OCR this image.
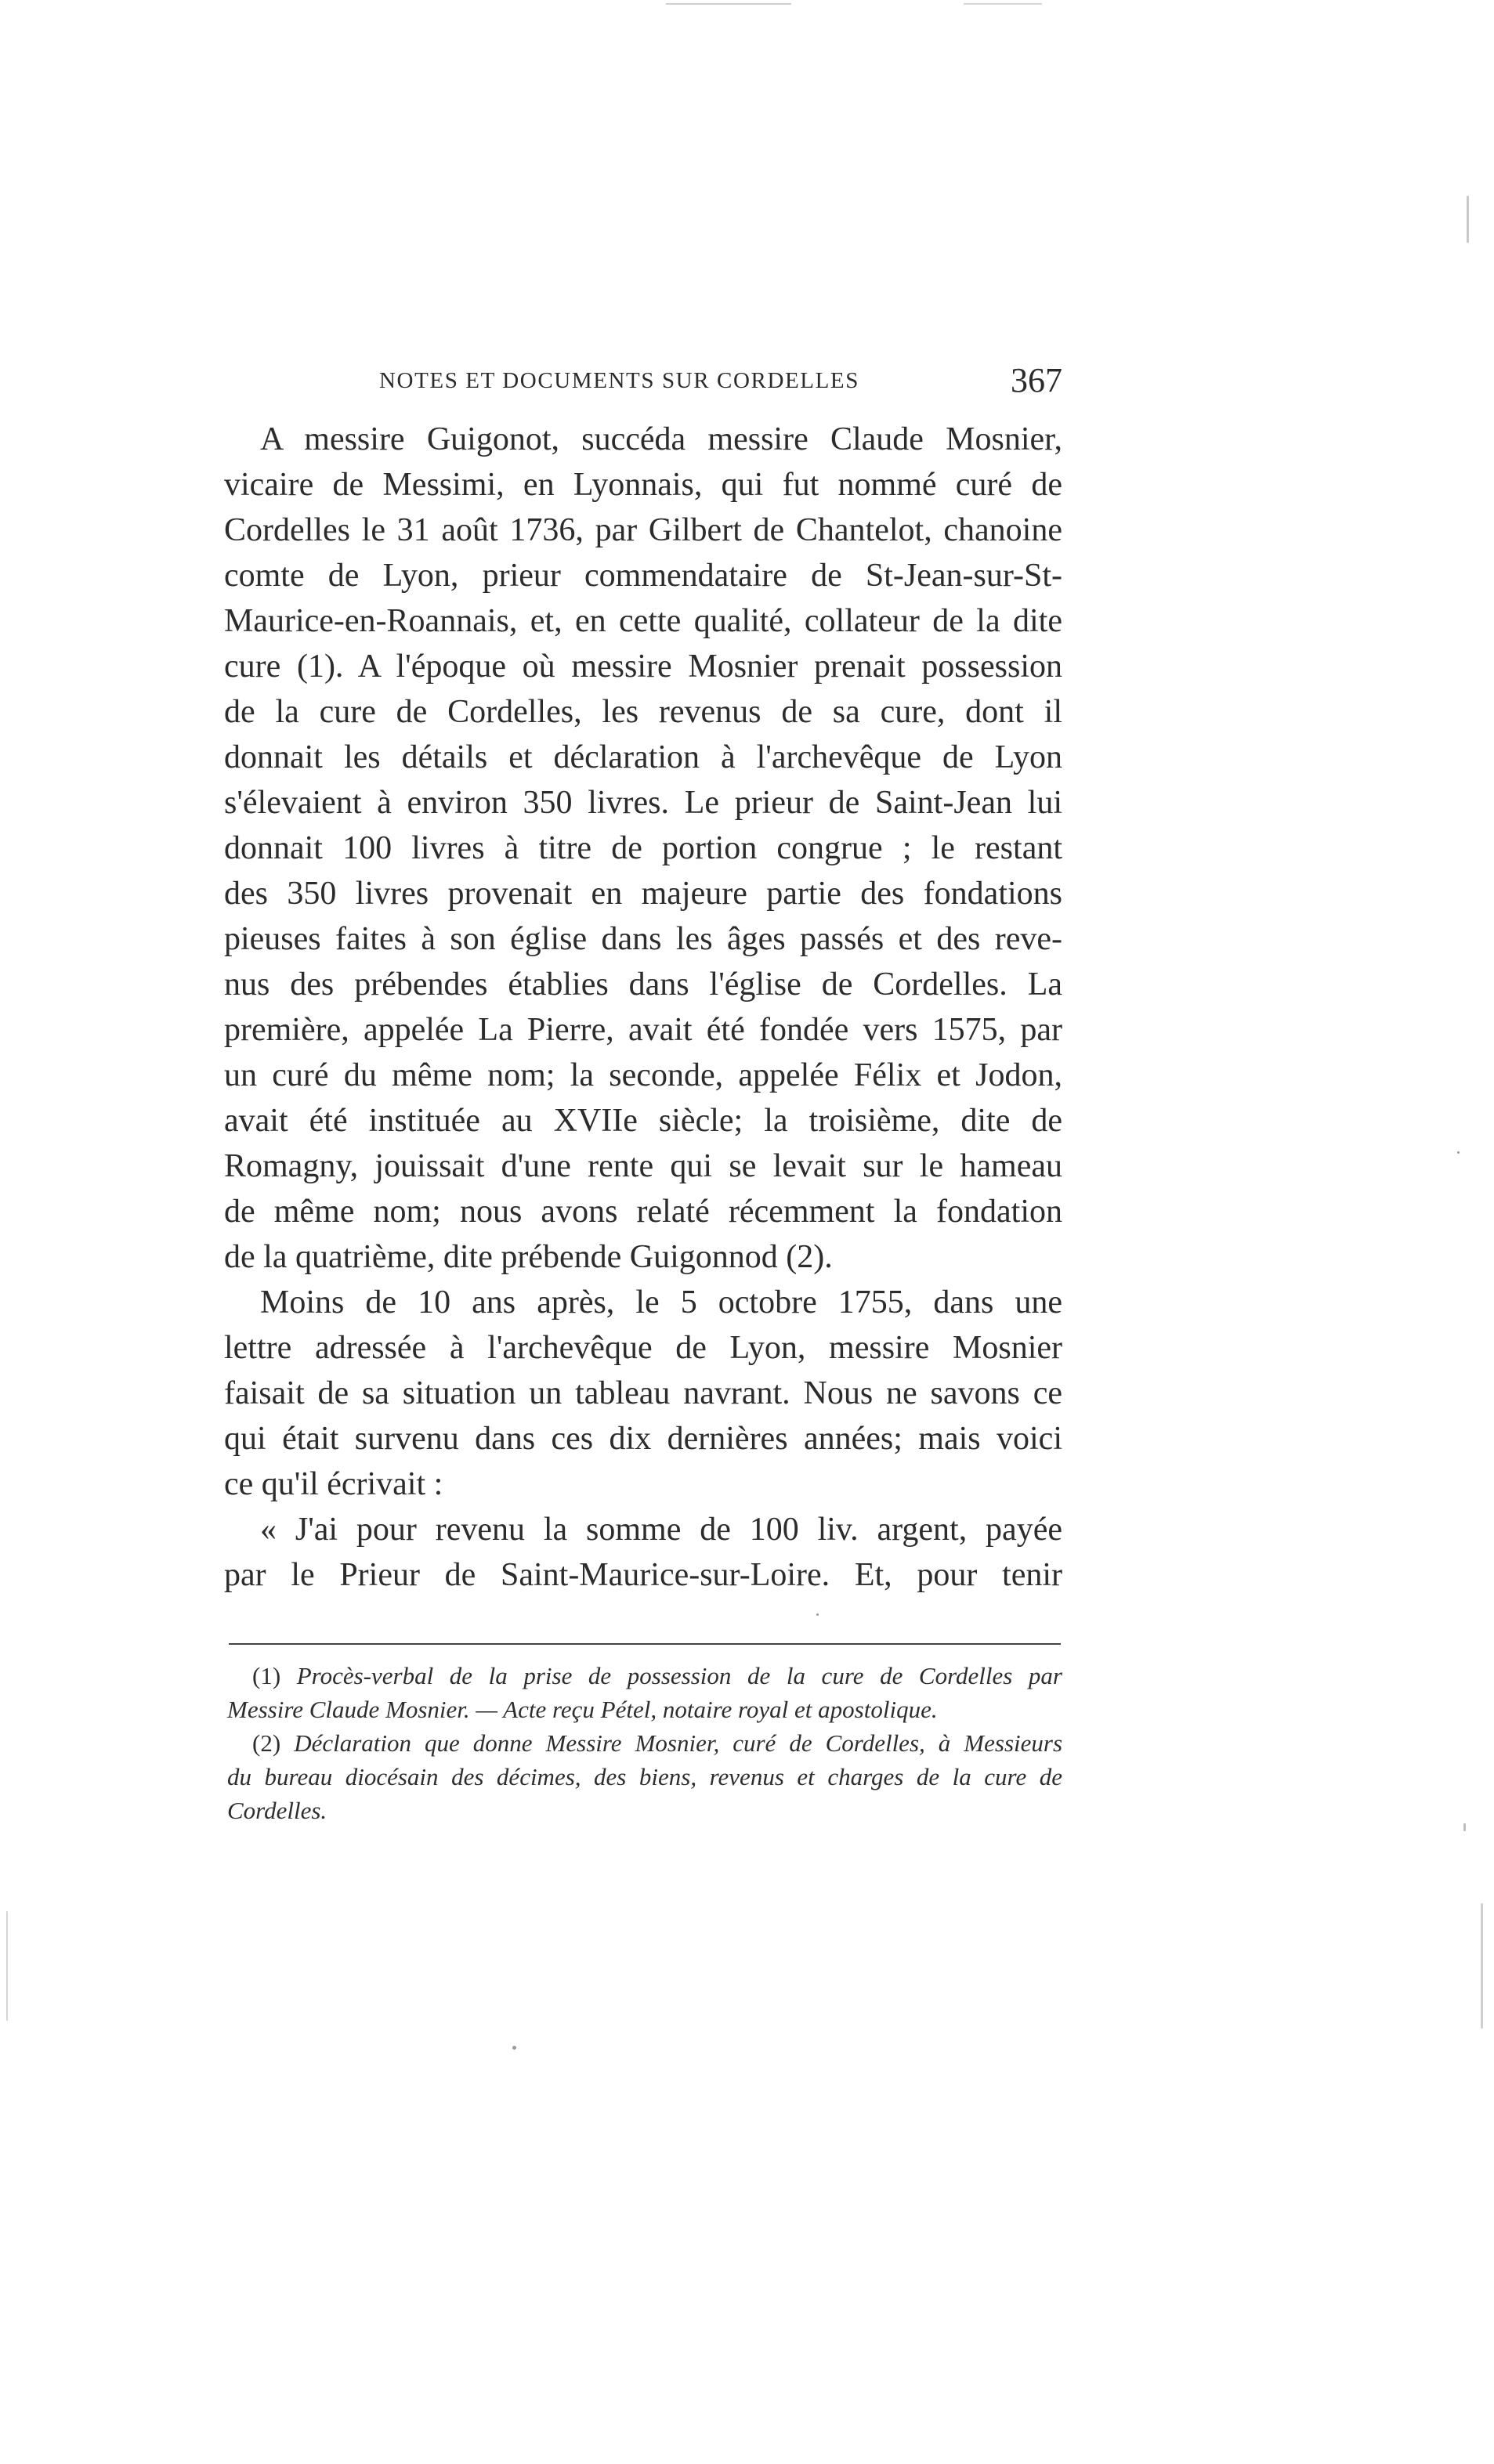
NOTES ET DOCUMENTS SUR CORDELLES	367
A messire Guigonot, succéda messire Claude Mosnier,
vicaire de Messimi, en Lyonnais, qui fut nommé curé de
Cordelles le 31 août 1736, par Gilbert de Chantelot, chanoine
comte de Lyon, prieur commendataire de St-Jean-sur-St-
Maurice-en-Roannais, et, en cette qualité, collateur de la dite
cure (1). A l'époque où messire Mosnier prenait possession
de la cure de Cordelles, les revenus de sa cure, dont il
donnait les détails et déclaration à l'archevêque de Lyon
s'élevaient à environ 350 livres. Le prieur de Saint-Jean lui
donnait 100 livres à titre de portion congrue ; le restant
des 350 livres provenait en majeure partie des fondations
pieuses faites à son église dans les âges passés et des reve-
nus des prébendes établies dans l'église de Cordelles. La
première, appelée La Pierre, avait été fondée vers 1575, par
un curé du même nom; la seconde, appelée Félix et Jodon,
avait été instituée au XVIIe siècle; la troisième, dite de
Romagny, jouissait d'une rente qui se levait sur le hameau
de même nom; nous avons relaté récemment la fondation
de la quatrième, dite prébende Guigonnod (2).
Moins de 10 ans après, le 5 octobre 1755, dans une
lettre adressée à l'archevêque de Lyon, messire Mosnier
faisait de sa situation un tableau navrant. Nous ne savons ce
qui était survenu dans ces dix dernières années; mais voici
ce qu'il écrivait :
« J'ai pour revenu la somme de 100 liv. argent, payée
par le Prieur de Saint-Maurice-sur-Loire. Et, pour tenir
(1) Procès-verbal de la prise de possession de la cure de Cordelles par
Messire Claude Mosnier. — Acte reçu Pétel, notaire royal et apostolique.
(2) Déclaration que donne Messire Mosnier, curé de Cordelles, à Messieurs
du bureau diocésain des décimes, des biens, revenus et charges de la cure de
Cordelles.
